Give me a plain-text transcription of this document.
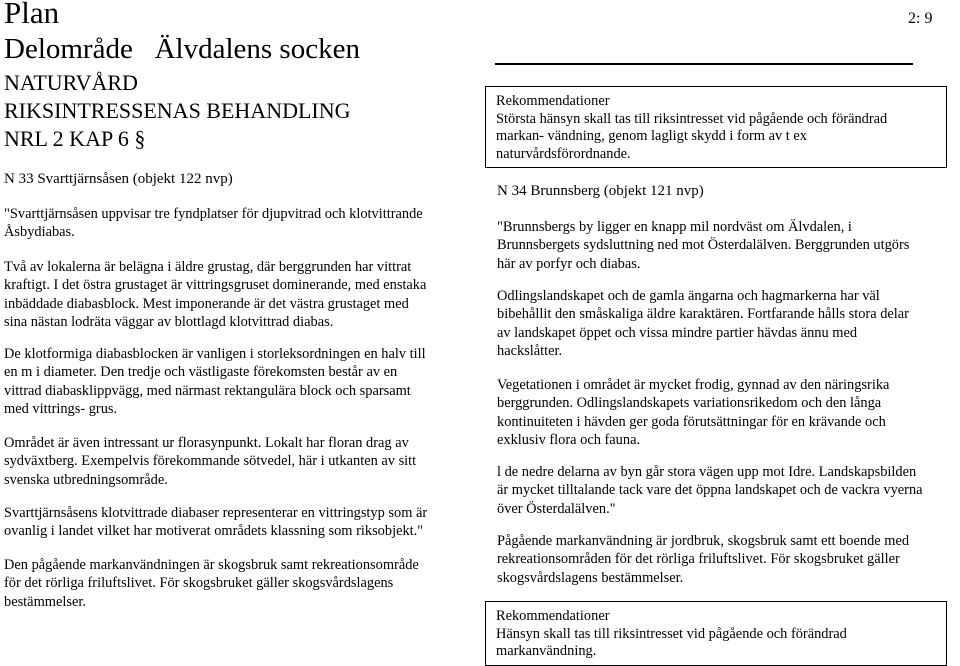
Plan
Delområde Älvdalens socken
2: 9
NATURVÅRD
RIKSINTRESSENAS BEHANDLING
NRL 2 KAP 6 §
N 33 Svarttjärnsåsen (objekt 122 nvp)
"Svarttjärnsåsen uppvisar tre fyndplatser för djupvitrad och klotvittrande
Åsbydiabas.
Två av lokalerna är belägna i äldre grustag, där berggrunden har vittrat
kraftigt. I det östra grustaget är vittringsgruset dominerande, med enstaka
inbäddade diabasblock. Mest imponerande är det västra grustaget med
sina nästan lodräta väggar av blottlagd klotvittrad diabas.
De klotformiga diabasblocken är vanligen i storleksordningen en halv till
en m i diameter. Den tredje och västligaste förekomsten består av en
vittrad diabasklippvägg, med närmast rektangulära block och sparsamt
med vittrings- grus.
Området är även intressant ur florasynpunkt. Lokalt har floran drag av
sydväxtberg. Exempelvis förekommande sötvedel, här i utkanten av sitt
svenska utbredningsområde.
Svarttjärnsåsens klotvittrade diabaser representerar en vittringstyp som är
ovanlig i landet vilket har motiverat områdets klassning som riksobjekt."
Den pågående markanvändningen är skogsbruk samt rekreationsområde
för det rörliga friluftslivet. För skogsbruket gäller skogsvårdslagens
bestämmelser.
Rekommendationer
Största hänsyn skall tas till riksintresset vid pågående och förändrad
markan- vändning, genom lagligt skydd i form av t ex
naturvårdsförordnande.
N 34 Brunnsberg (objekt 121 nvp)
"Brunnsbergs by ligger en knapp mil nordväst om Älvdalen, i
Brunnsbergets sydsluttning ned mot Österdalälven. Berggrunden utgörs
här av porfyr och diabas.
Odlingslandskapet och de gamla ängarna och hagmarkerna har väl
bibehållit den småskaliga äldre karaktären. Fortfarande hålls stora delar
av landskapet öppet och vissa mindre partier hävdas ännu med
hackslåtter.
Vegetationen i området är mycket frodig, gynnad av den näringsrika
berggrunden. Odlingslandskapets variationsrikedom och den långa
kontinuiteten i hävden ger goda förutsättningar för en krävande och
exklusiv flora och fauna.
l de nedre delarna av byn går stora vägen upp mot Idre. Landskapsbilden
är mycket tilltalande tack vare det öppna landskapet och de vackra vyerna
över Österdalälven."
Pågående markanvändning är jordbruk, skogsbruk samt ett boende med
rekreationsområden för det rörliga friluftslivet. För skogsbruket gäller
skogsvårdslagens bestämmelser.
Rekommendationer
Hänsyn skall tas till riksintresset vid pågående och förändrad
markanvändning.
